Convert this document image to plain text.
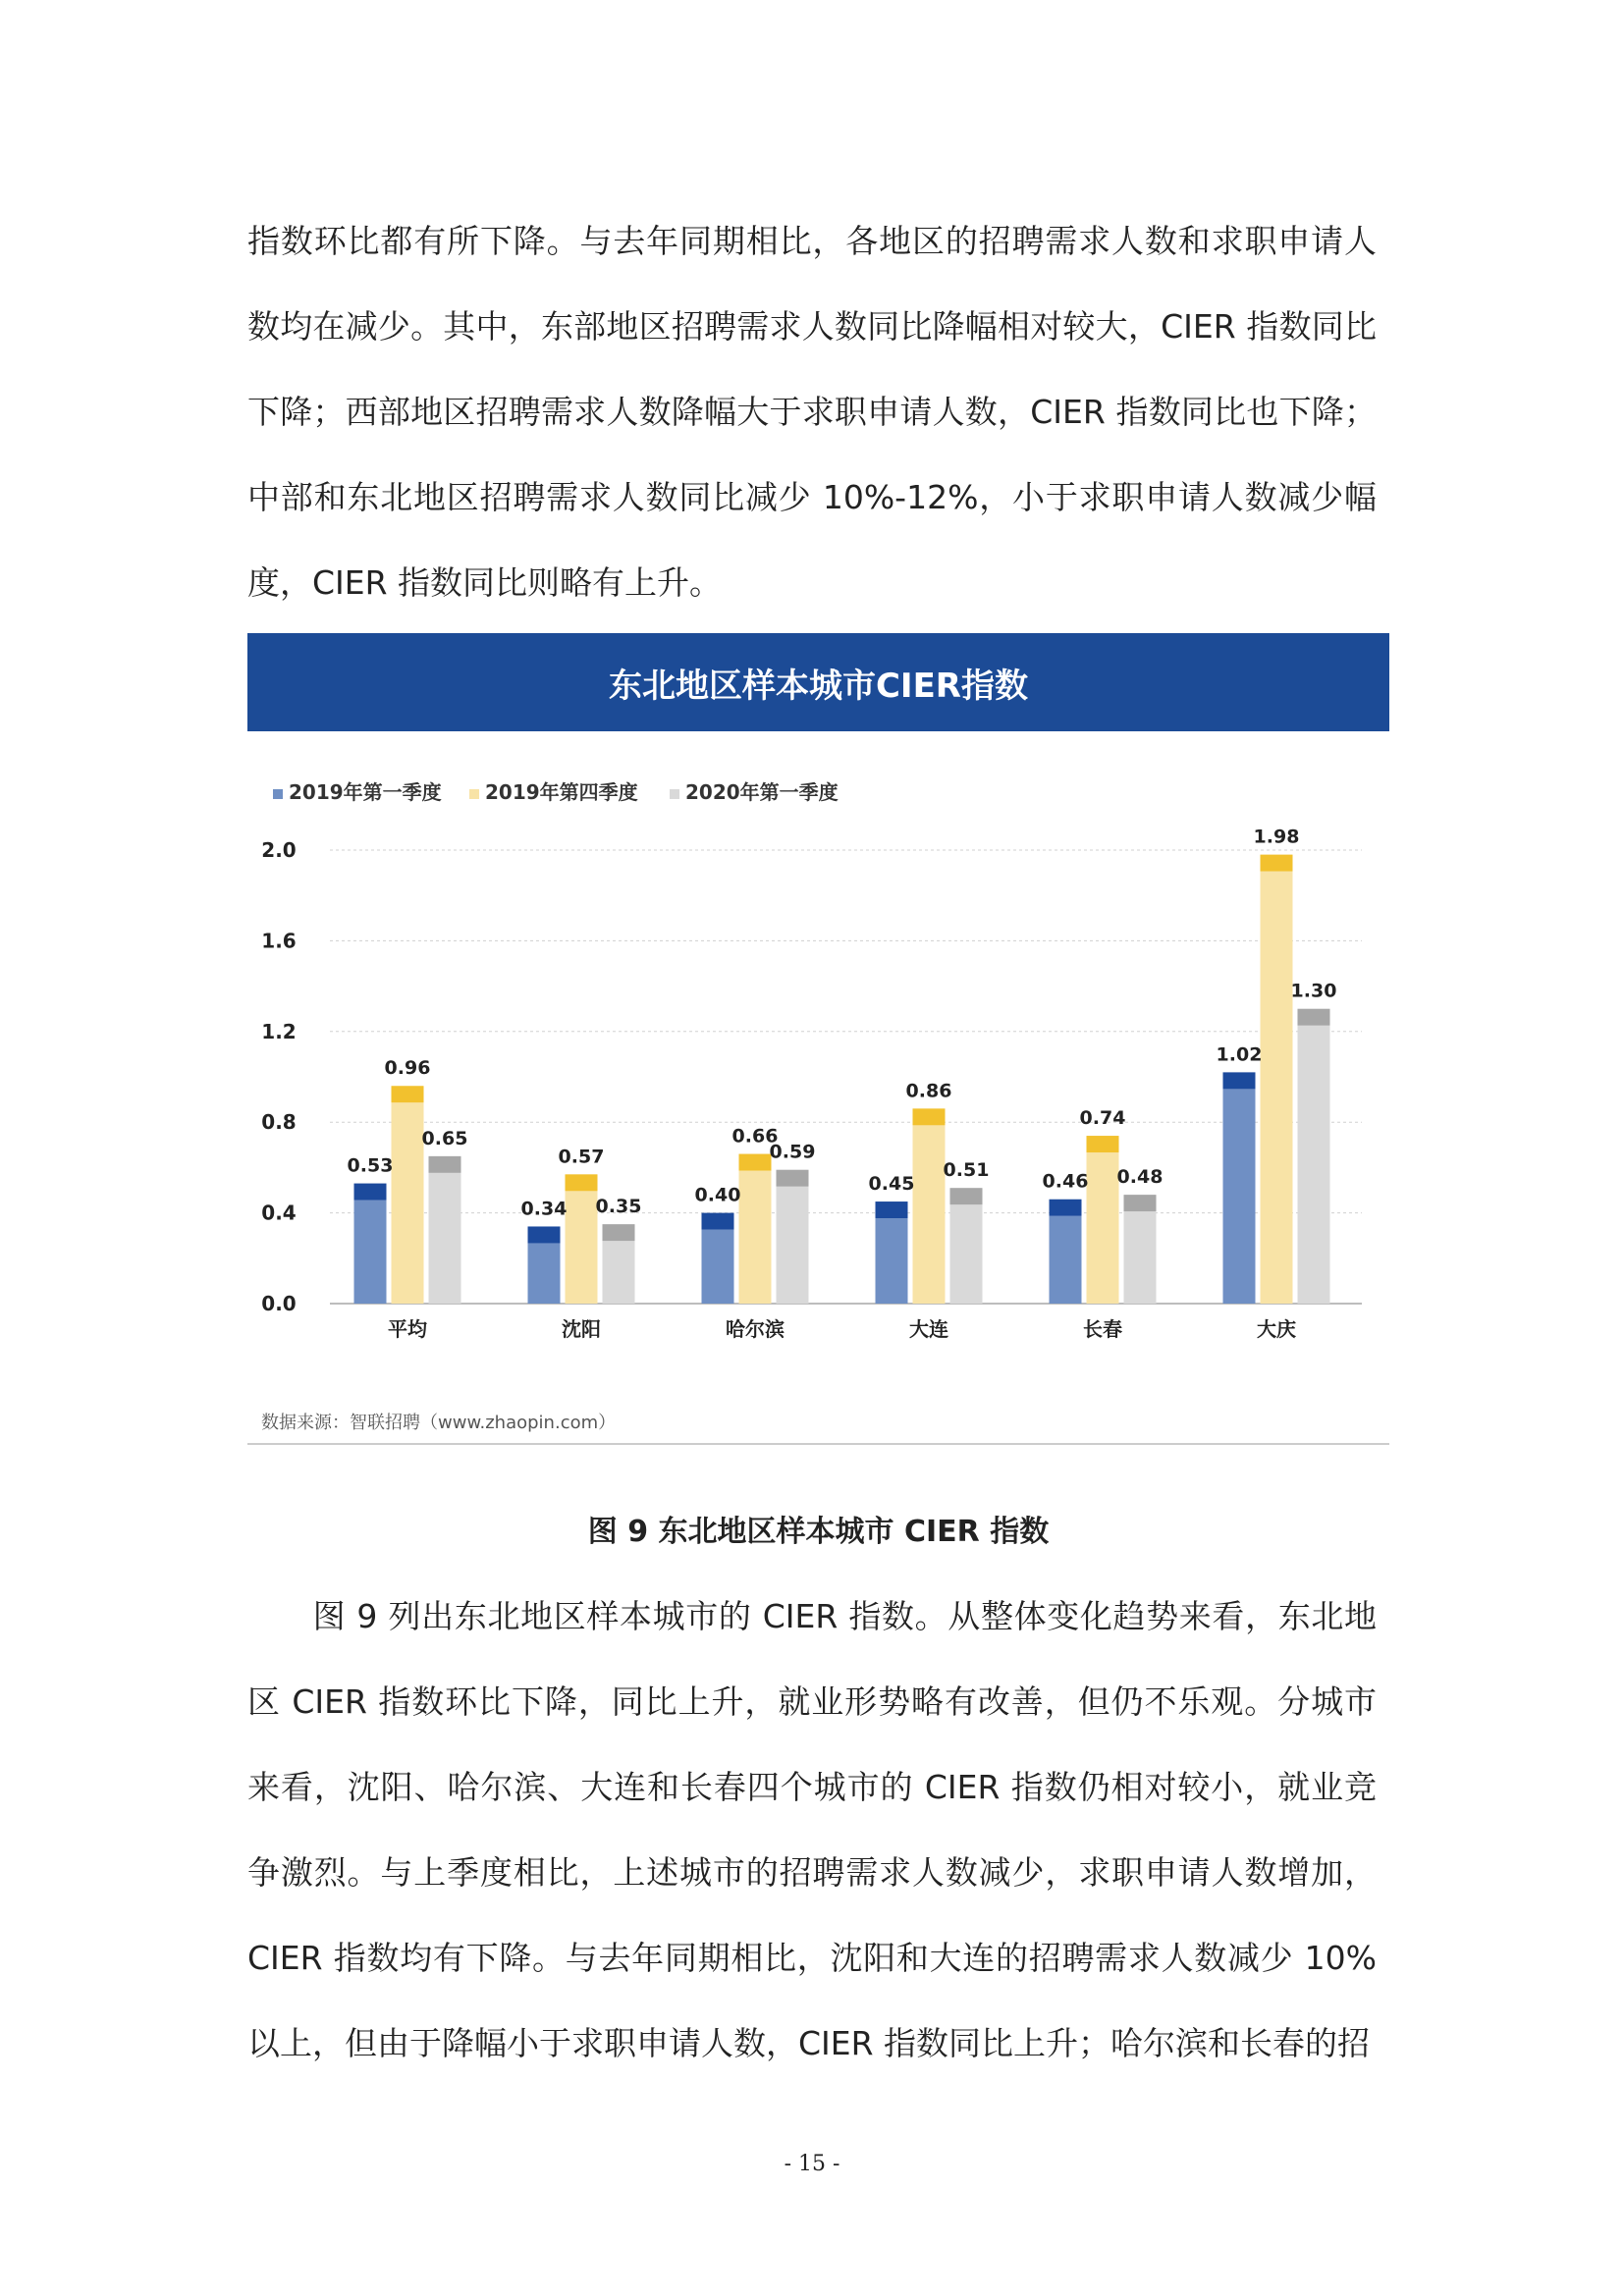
指数环比都有所下降。与去年同期相比，各地区的招聘需求人数和求职申请人数均在减少。其中，东部地区招聘需求人数同比降幅相对较大，CIER 指数同比下降；西部地区招聘需求人数降幅大于求职申请人数，CIER 指数同比也下降；中部和东北地区招聘需求人数同比减少 10%-12%，小于求职申请人数减少幅度，CIER 指数同比则略有上升。

东北地区样本城市CIER指数
2019年第一季度 2019年第四季度 2020年第一季度
0.0
0.4
0.8
1.2
1.6
2.0
0.53
0.96
0.65
0.34
0.57
0.35
0.40
0.66
0.59
0.45
0.86
0.51
0.46
0.74
0.48
1.02
1.98
1.30
平均	沈阳	哈尔滨	大连	长春	大庆
数据来源：智联招聘（www.zhaopin.com）
图 9 东北地区样本城市 CIER 指数

图 9 列出东北地区样本城市的 CIER 指数。从整体变化趋势来看，东北地区 CIER 指数环比下降，同比上升，就业形势略有改善，但仍不乐观。分城市来看，沈阳、哈尔滨、大连和长春四个城市的 CIER 指数仍相对较小，就业竞争激烈。与上季度相比，上述城市的招聘需求人数减少，求职申请人数增加，CIER 指数均有下降。与去年同期相比，沈阳和大连的招聘需求人数减少 10% 以上，但由于降幅小于求职申请人数，CIER 指数同比上升；哈尔滨和长春的招

- 15 -
